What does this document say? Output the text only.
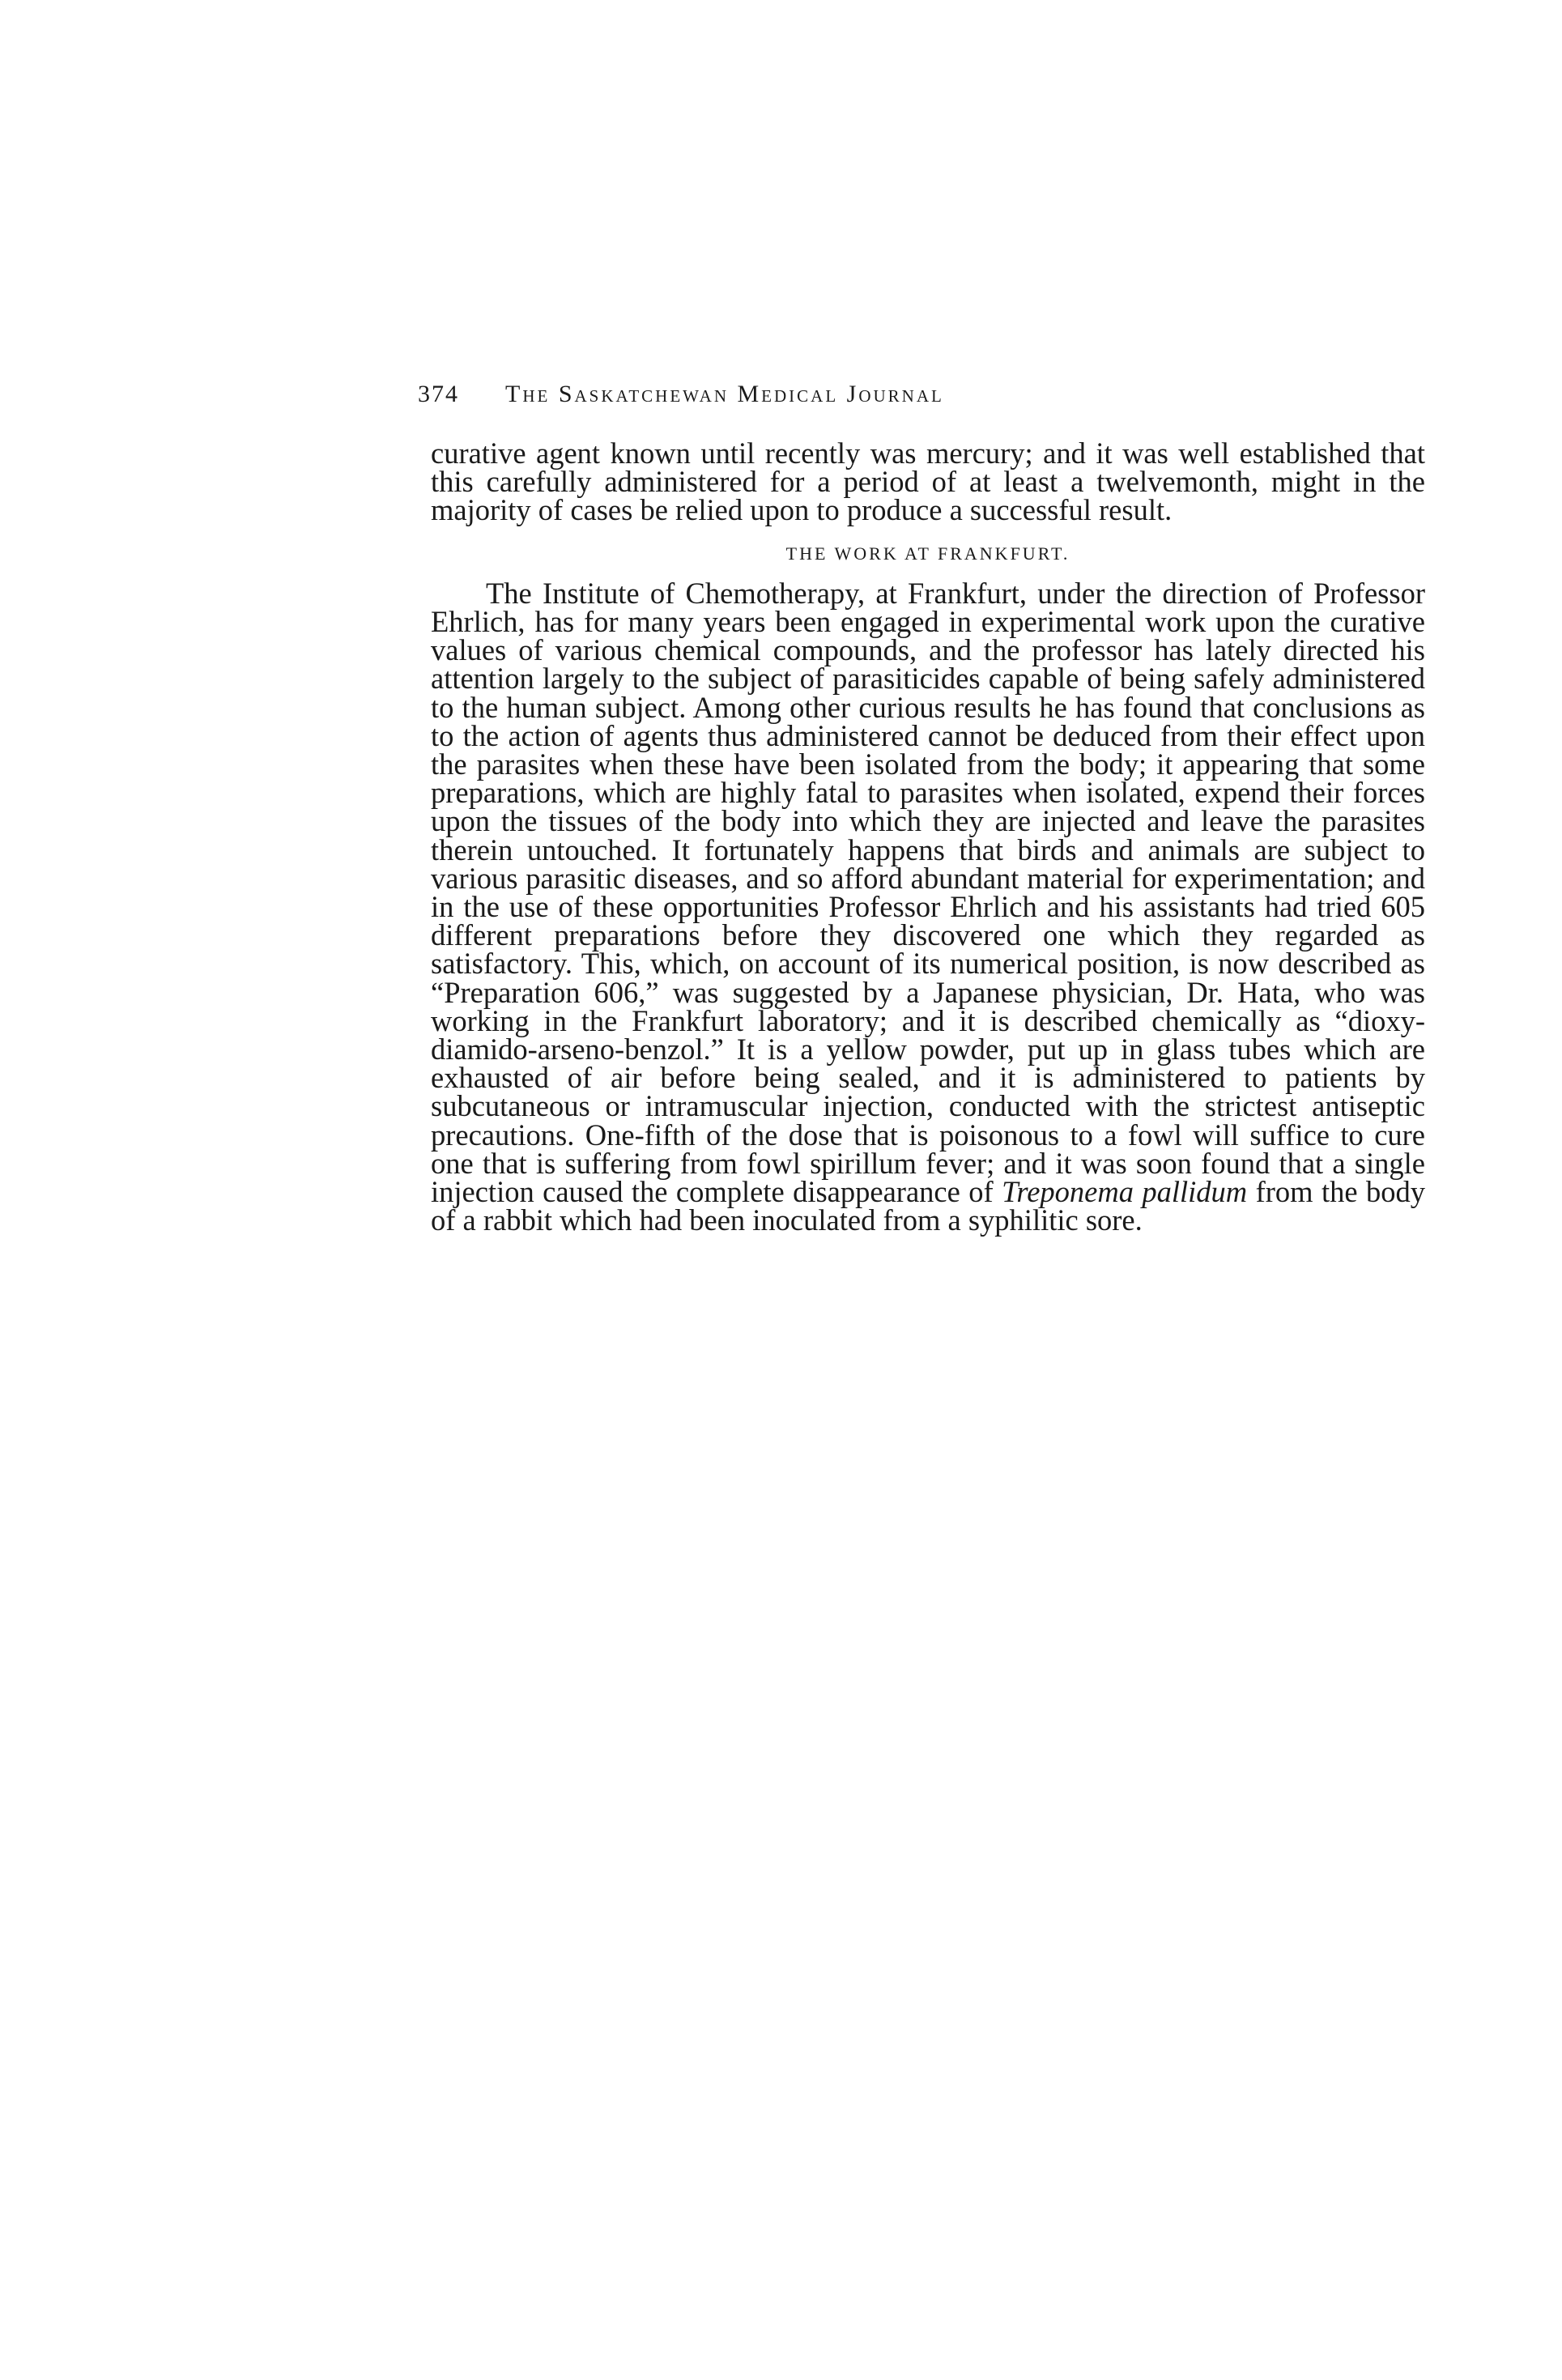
374 The Saskatchewan Medical Journal

curative agent known until recently was mercury; and it was well established that this carefully administered for a period of at least a twelvemonth, might in the majority of cases be relied upon to produce a successful result.

THE WORK AT FRANKFURT.

The Institute of Chemotherapy, at Frankfurt, under the direction of Professor Ehrlich, has for many years been engaged in experimental work upon the curative values of various chemical compounds, and the professor has lately directed his attention largely to the subject of parasiticides capable of being safely administered to the human subject. Among other curious results he has found that conclusions as to the action of agents thus administered cannot be deduced from their effect upon the parasites when these have been isolated from the body; it appearing that some preparations, which are highly fatal to parasites when isolated, expend their forces upon the tissues of the body into which they are injected and leave the parasites therein untouched. It fortunately happens that birds and animals are subject to various parasitic diseases, and so afford abundant material for experimentation; and in the use of these opportunities Professor Ehrlich and his assistants had tried 605 different preparations before they discovered one which they regarded as satisfactory. This, which, on account of its numerical position, is now described as “Preparation 606,” was suggested by a Japanese physician, Dr. Hata, who was working in the Frankfurt laboratory; and it is described chemically as “dioxy-diamido-arseno-benzol.” It is a yellow powder, put up in glass tubes which are exhausted of air before being sealed, and it is administered to patients by subcutaneous or intramuscular injection, conducted with the strictest antiseptic precautions. One-fifth of the dose that is poisonous to a fowl will suffice to cure one that is suffering from fowl spirillum fever; and it was soon found that a single injection caused the complete disappearance of Treponema pallidum from the body of a rabbit which had been inoculated from a syphilitic sore.
